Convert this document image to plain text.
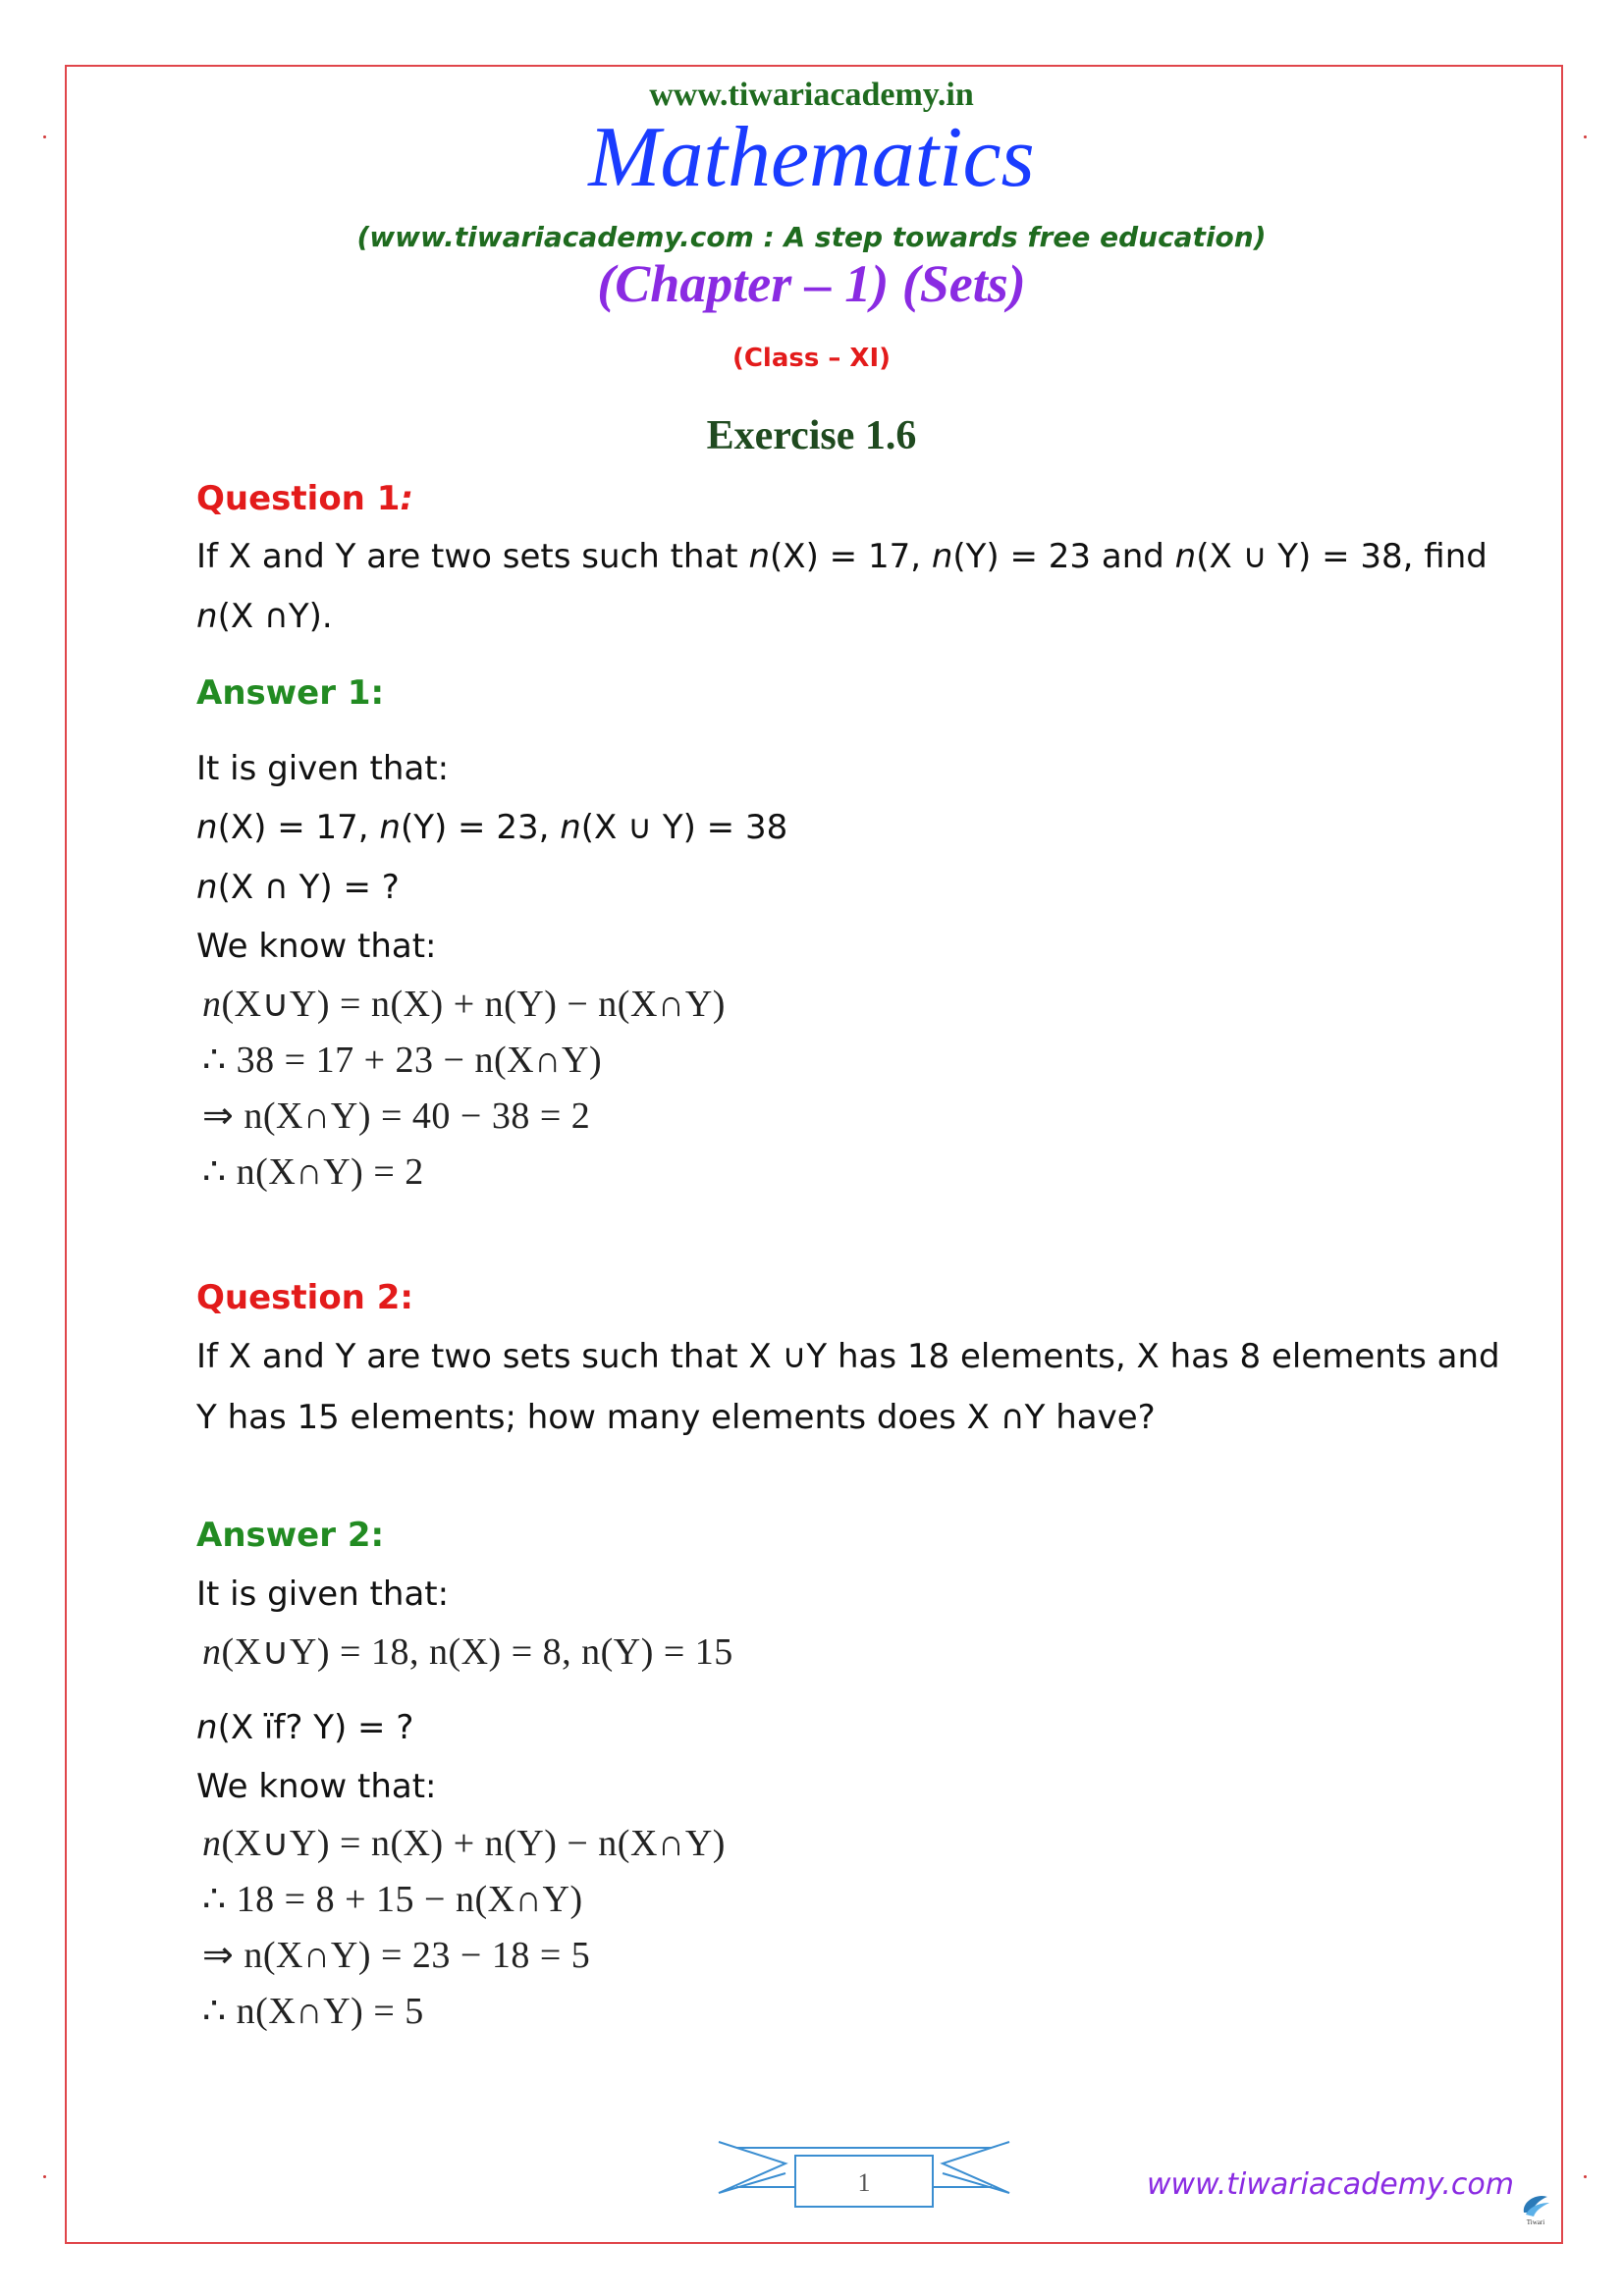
www.tiwariacademy.in
Mathematics
(www.tiwariacademy.com : A step towards free education)
(Chapter – 1) (Sets)
(Class – XI)
Exercise 1.6
Question 1:
If X and Y are two sets such that n(X) = 17, n(Y) = 23 and n(X ∪ Y) = 38, find
n(X ∩Y).
Answer 1:
It is given that:
n(X) = 17, n(Y) = 23, n(X ∪ Y) = 38
n(X ∩ Y) = ?
We know that:
n(X∪Y) = n(X) + n(Y) − n(X∩Y)
∴ 38 = 17 + 23 − n(X∩Y)
⇒ n(X∩Y) = 40 − 38 = 2
∴ n(X∩Y) = 2
Question 2:
If X and Y are two sets such that X ∪Y has 18 elements, X has 8 elements and
Y has 15 elements; how many elements does X ∩Y have?
Answer 2:
It is given that:
n(X∪Y) = 18, n(X) = 8, n(Y) = 15
n(X ïf? Y) = ?
We know that:
n(X∪Y) = n(X) + n(Y) − n(X∩Y)
∴ 18 = 8 + 15 − n(X∩Y)
⇒ n(X∩Y) = 23 − 18 = 5
∴ n(X∩Y) = 5
1	www.tiwariacademy.com
Tiwari
